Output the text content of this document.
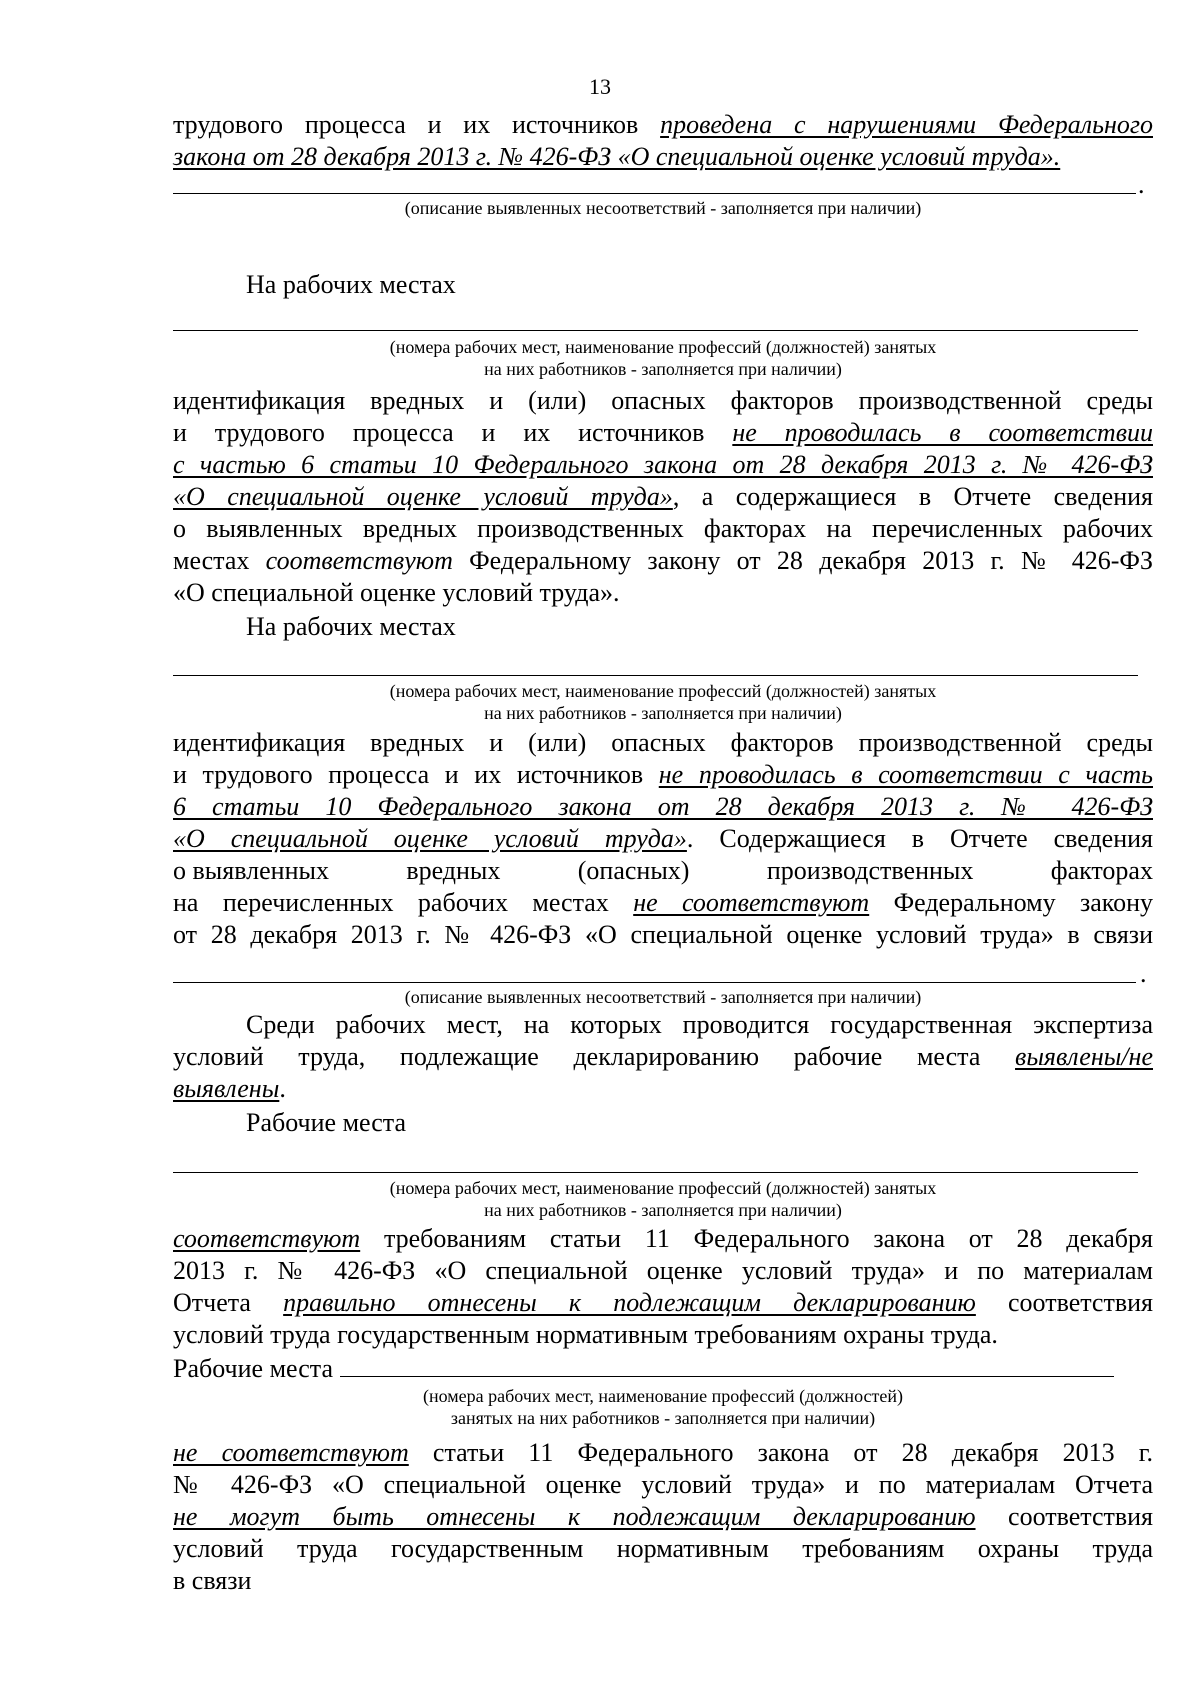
13
трудового процесса и их источников проведена с нарушениями Федерального
закона от 28 декабря 2013 г. № 426-ФЗ «О специальной оценке условий труда».
.
(описание выявленных несоответствий - заполняется при наличии)
На рабочих местах
(номера рабочих мест, наименование профессий (должностей) занятых
на них работников - заполняется при наличии)
идентификация вредных и (или) опасных факторов производственной среды
и трудового процесса и их источников не проводилась в соответствии
с частью 6 статьи 10 Федерального закона от 28 декабря 2013 г. № 426-ФЗ
«О специальной оценке условий труда», а содержащиеся в Отчете сведения
о выявленных вредных производственных факторах на перечисленных рабочих
местах соответствуют Федеральному закону от 28 декабря 2013 г. № 426-ФЗ
«О специальной оценке условий труда».
На рабочих местах
(номера рабочих мест, наименование профессий (должностей) занятых
на них работников - заполняется при наличии)
идентификация вредных и (или) опасных факторов производственной среды
и трудового процесса и их источников не проводилась в соответствии с часть
6 статьи 10 Федерального закона от 28 декабря 2013 г. № 426-ФЗ
«О специальной оценке условий труда». Содержащиеся в Отчете сведения
о выявленных	вредных	(опасных)	производственных	факторах
на перечисленных рабочих местах не соответствуют Федеральному закону
от 28 декабря 2013 г. № 426-ФЗ «О специальной оценке условий труда» в связи
.
(описание выявленных несоответствий - заполняется при наличии)
Среди рабочих мест, на которых проводится государственная экспертиза
условий труда, подлежащие декларированию рабочие места выявлены/не
выявлены.
Рабочие места
(номера рабочих мест, наименование профессий (должностей) занятых
на них работников - заполняется при наличии)
соответствуют требованиям статьи 11 Федерального закона от 28 декабря
2013 г. № 426-ФЗ «О специальной оценке условий труда» и по материалам
Отчета правильно отнесены к подлежащим декларированию соответствия
условий труда государственным нормативным требованиям охраны труда.
Рабочие места
(номера рабочих мест, наименование профессий (должностей)
занятых на них работников - заполняется при наличии)
не соответствуют статьи 11 Федерального закона от 28 декабря 2013 г.
№ 426-ФЗ «О специальной оценке условий труда» и по материалам Отчета
не могут быть отнесены к подлежащим декларированию соответствия
условий труда государственным нормативным требованиям охраны труда
в связи
